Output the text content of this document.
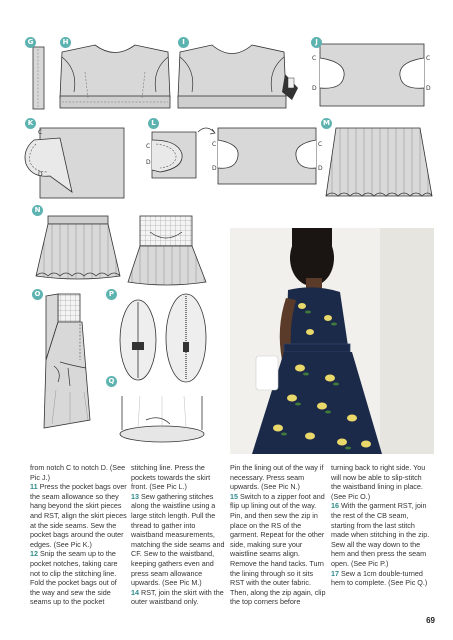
C
D
C
D
C
D
C
D
C
D
C
D
G	H	I	J
K	L	M
N
O	P
Q

from notch C to notch D. (See Pic J.)

11 Press the pocket bags over the seam allowance so they hang beyond the skirt pieces and RST, align the skirt pieces at the side seams. Sew the pocket bags around the outer edges. (See Pic K.)

12 Snip the seam up to the pocket notches, taking care not to clip the stitching line. Fold the pocket bags out of the way and sew the side seams up to the pocket

stitching line. Press the pockets towards the skirt front. (See Pic L.)

13 Sew gathering stitches along the waistline using a large stitch length. Pull the thread to gather into waistband measurements, matching the side seams and CF. Sew to the waistband, keeping gathers even and press seam allowance upwards. (See Pic M.)

14 RST, join the skirt with the outer waistband only.

Pin the lining out of the way if necessary. Press seam upwards. (See Pic N.)

15 Switch to a zipper foot and flip up lining out of the way. Pin, and then sew the zip in place on the RS of the garment. Repeat for the other side, making sure your waistline seams align. Remove the hand tacks. Turn the lining through so it sits RST with the outer fabric. Then, along the zip again, clip the top corners before

turning back to right side. You will now be able to slip-stitch the waistband lining in place. (See Pic O.)

16 With the garment RST, join the rest of the CB seam, starting from the last stitch made when stitching in the zip. Sew all the way down to the hem and then press the seam open. (See Pic P.)

17 Sew a 1cm double-turned hem to complete. (See Pic Q.)

69
